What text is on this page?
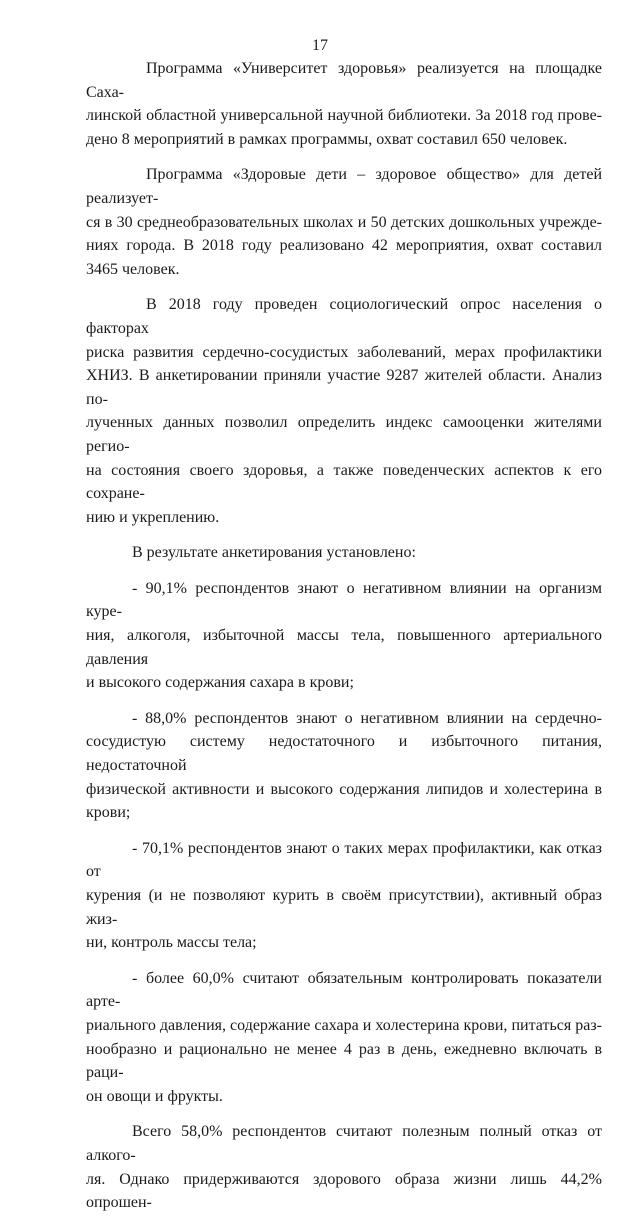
17

Программа «Университет здоровья» реализуется на площадке Саха-
линской областной универсальной научной библиотеки. За 2018 год прове-
дено 8 мероприятий в рамках программы, охват составил 650 человек.

Программа «Здоровые дети – здоровое общество» для детей реализует-
ся в 30 среднеобразовательных школах и 50 детских дошкольных учрежде-
ниях города. В 2018 году реализовано 42 мероприятия, охват составил
3465 человек.

В 2018 году проведен социологический опрос населения о факторах
риска развития сердечно-сосудистых заболеваний, мерах профилактики
ХНИЗ. В анкетировании приняли участие 9287 жителей области. Анализ по-
лученных данных позволил определить индекс самооценки жителями регио-
на состояния своего здоровья, а также поведенческих аспектов к его сохране-
нию и укреплению.

В результате анкетирования установлено:

- 90,1% респондентов знают о негативном влиянии на организм куре-
ния, алкоголя, избыточной массы тела, повышенного артериального давления
и высокого содержания сахара в крови;

- 88,0% респондентов знают о негативном влиянии на сердечно-
сосудистую систему недостаточного и избыточного питания, недостаточной
физической активности и высокого содержания липидов и холестерина в
крови;

- 70,1% респондентов знают о таких мерах профилактики, как отказ от
курения (и не позволяют курить в своём присутствии), активный образ жиз-
ни, контроль массы тела;

- более 60,0% считают обязательным контролировать показатели арте-
риального давления, содержание сахара и холестерина крови, питаться раз-
нообразно и рационально не менее 4 раз в день, ежедневно включать в раци-
он овощи и фрукты.

Всего 58,0% респондентов считают полезным полный отказ от алкого-
ля. Однако придерживаются здорового образа жизни лишь 44,2% опрошен-
